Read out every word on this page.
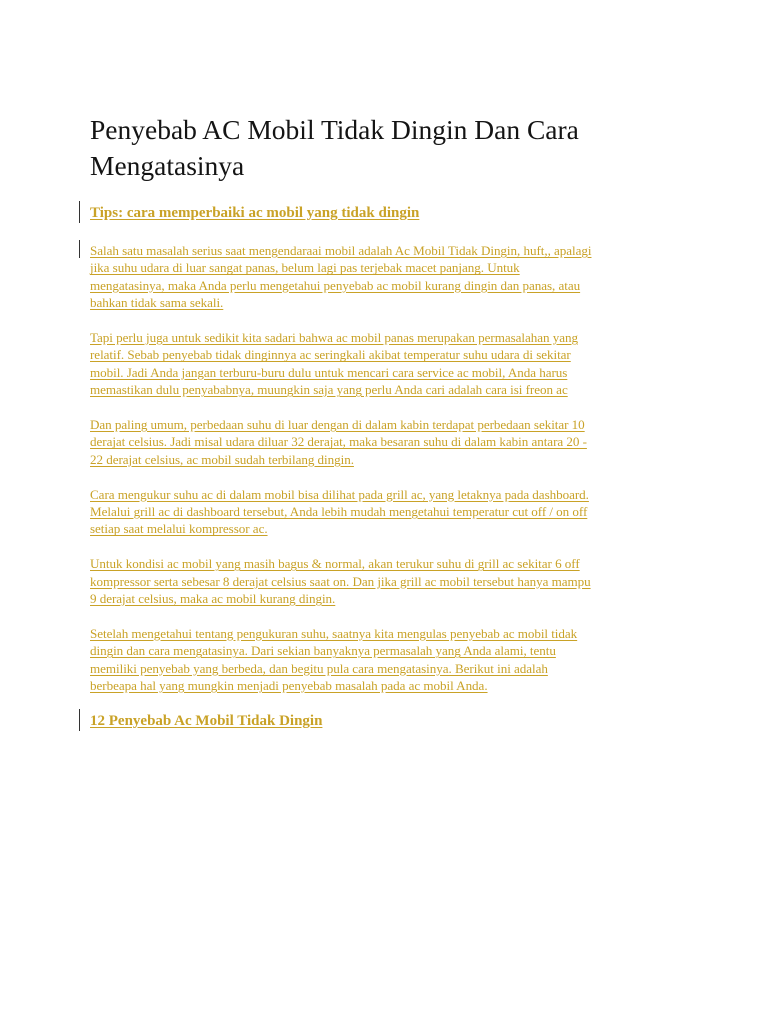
Penyebab AC Mobil Tidak Dingin Dan Cara
Mengatasinya
Tips: cara memperbaiki ac mobil yang tidak dingin

Salah satu masalah serius saat mengendaraai mobil adalah Ac Mobil Tidak Dingin, huft,, apalagi
jika suhu udara di luar sangat panas, belum lagi pas terjebak macet panjang. Untuk
mengatasinya, maka Anda perlu mengetahui penyebab ac mobil kurang dingin dan panas, atau
bahkan tidak sama sekali.

Tapi perlu juga untuk sedikit kita sadari bahwa ac mobil panas merupakan permasalahan yang
relatif. Sebab penyebab tidak dinginnya ac seringkali akibat temperatur suhu udara di sekitar
mobil. Jadi Anda jangan terburu-buru dulu untuk mencari cara service ac mobil, Anda harus
memastikan dulu penyababnya, muungkin saja yang perlu Anda cari adalah cara isi freon ac

Dan paling umum, perbedaan suhu di luar dengan di dalam kabin terdapat perbedaan sekitar 10
derajat celsius. Jadi misal udara diluar 32 derajat, maka besaran suhu di dalam kabin antara 20 -
22 derajat celsius, ac mobil sudah terbilang dingin.

Cara mengukur suhu ac di dalam mobil bisa dilihat pada grill ac, yang letaknya pada dashboard.
Melalui grill ac di dashboard tersebut, Anda lebih mudah mengetahui temperatur cut off / on off
setiap saat melalui kompressor ac.

Untuk kondisi ac mobil yang masih bagus & normal, akan terukur suhu di grill ac sekitar 6 off
kompressor serta sebesar 8 derajat celsius saat on. Dan jika grill ac mobil tersebut hanya mampu
9 derajat celsius, maka ac mobil kurang dingin.

Setelah mengetahui tentang pengukuran suhu, saatnya kita mengulas penyebab ac mobil tidak
dingin dan cara mengatasinya. Dari sekian banyaknya permasalah yang Anda alami, tentu
memiliki penyebab yang berbeda, dan begitu pula cara mengatasinya. Berikut ini adalah
berbeapa hal yang mungkin menjadi penyebab masalah pada ac mobil Anda.

12 Penyebab Ac Mobil Tidak Dingin
